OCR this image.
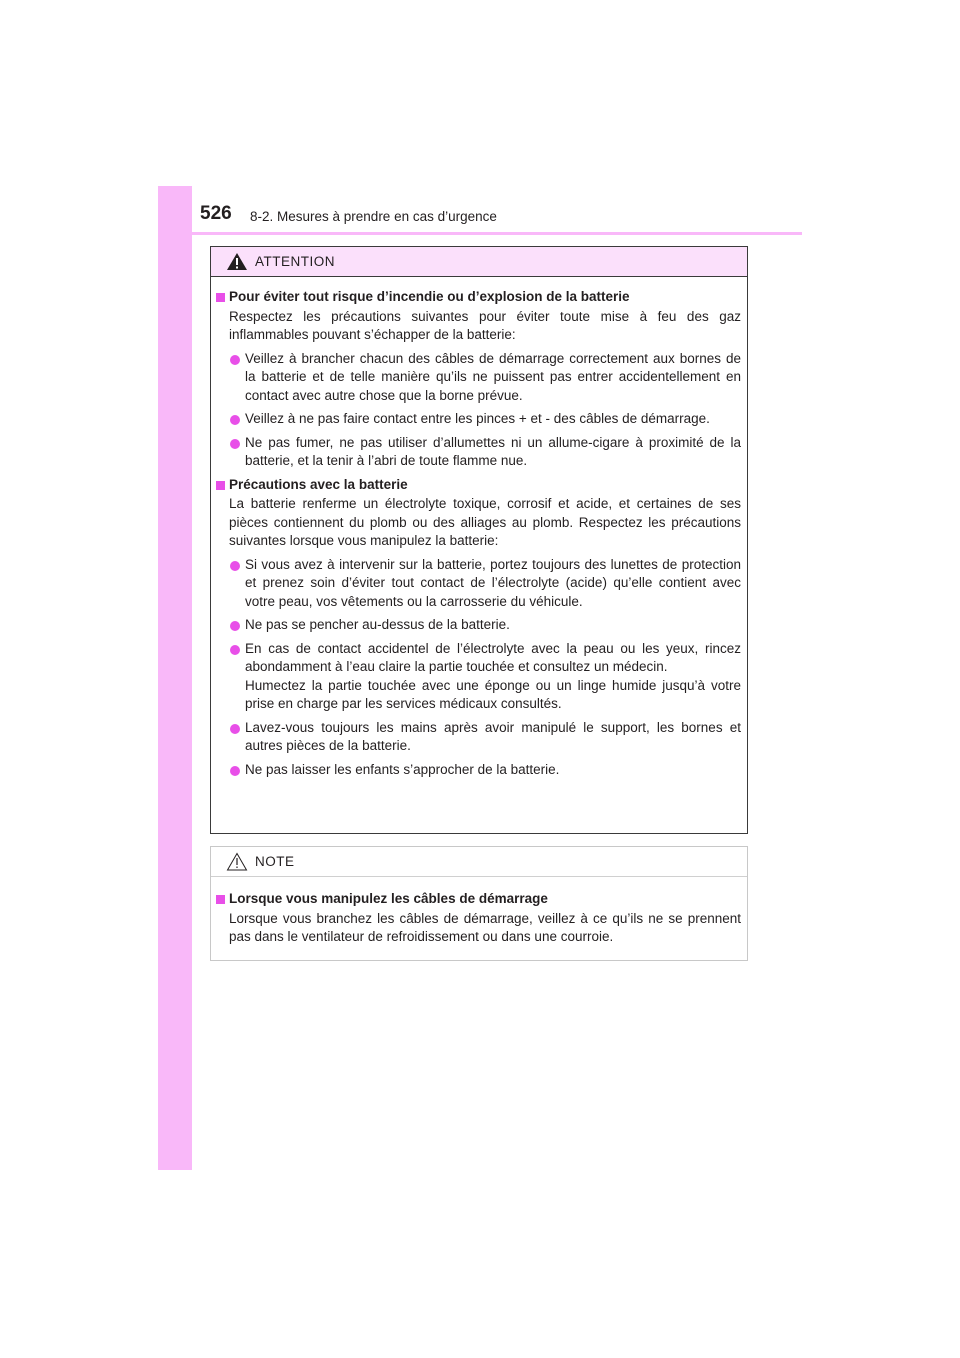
526 8-2. Mesures à prendre en cas d’urgence
ATTENTION
Pour éviter tout risque d’incendie ou d’explosion de la batterie
Respectez les précautions suivantes pour éviter toute mise à feu des gaz inflammables pouvant s’échapper de la batterie:
Veillez à brancher chacun des câbles de démarrage correctement aux bornes de la batterie et de telle manière qu’ils ne puissent pas entrer accidentellement en contact avec autre chose que la borne prévue.
Veillez à ne pas faire contact entre les pinces + et - des câbles de démarrage.
Ne pas fumer, ne pas utiliser d’allumettes ni un allume-cigare à proximité de la batterie, et la tenir à l’abri de toute flamme nue.
Précautions avec la batterie
La batterie renferme un électrolyte toxique, corrosif et acide, et certaines de ses pièces contiennent du plomb ou des alliages au plomb. Respectez les précautions suivantes lorsque vous manipulez la batterie:
Si vous avez à intervenir sur la batterie, portez toujours des lunettes de protection et prenez soin d’éviter tout contact de l’électrolyte (acide) qu’elle contient avec votre peau, vos vêtements ou la carrosserie du véhicule.
Ne pas se pencher au-dessus de la batterie.
En cas de contact accidentel de l’électrolyte avec la peau ou les yeux, rincez abondamment à l’eau claire la partie touchée et consultez un médecin.
Humectez la partie touchée avec une éponge ou un linge humide jusqu’à votre prise en charge par les services médicaux consultés.
Lavez-vous toujours les mains après avoir manipulé le support, les bornes et autres pièces de la batterie.
Ne pas laisser les enfants s’approcher de la batterie.
NOTE
Lorsque vous manipulez les câbles de démarrage
Lorsque vous branchez les câbles de démarrage, veillez à ce qu’ils ne se prennent pas dans le ventilateur de refroidissement ou dans une courroie.
